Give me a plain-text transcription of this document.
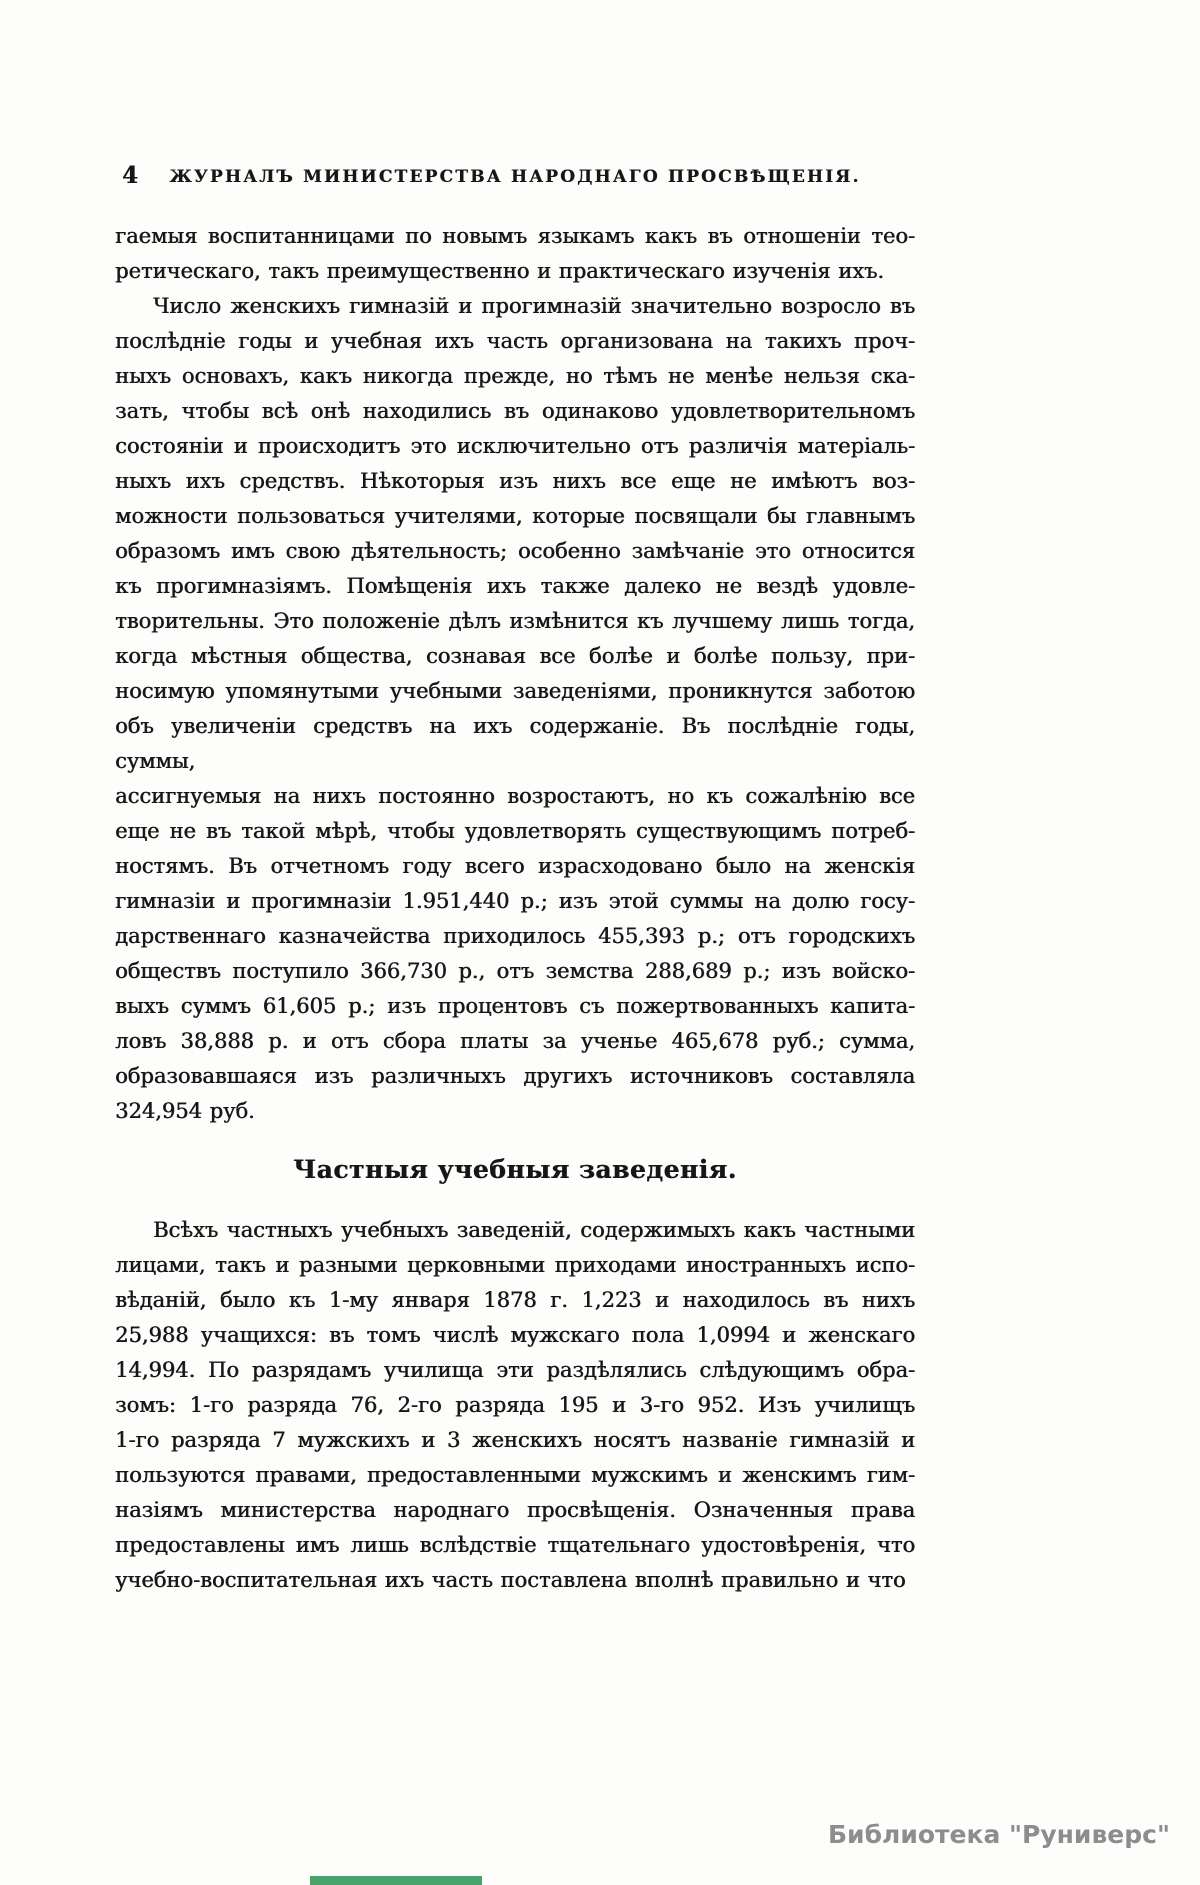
4	ЖУРНАЛЪ МИНИСТЕРСТВА НАРОДНАГО ПРОСВѢЩЕНІЯ.
гаемыя воспитанницами по новымъ языкамъ какъ въ отношеніи тео-
ретическаго, такъ преимущественно и практическаго изученія ихъ.
Число женскихъ гимназій и прогимназій значительно возросло въ
послѣдніе годы и учебная ихъ часть организована на такихъ проч-
ныхъ основахъ, какъ никогда прежде, но тѣмъ не менѣе нельзя ска-
зать, чтобы всѣ онѣ находились въ одинаково удовлетворительномъ
состояніи и происходитъ это исключительно отъ различія матеріаль-
ныхъ ихъ средствъ. Нѣкоторыя изъ нихъ все еще не имѣютъ воз-
можности пользоваться учителями, которые посвящали бы главнымъ
образомъ имъ свою дѣятельность; особенно замѣчаніе это относится
къ прогимназіямъ. Помѣщенія ихъ также далеко не вездѣ удовле-
творительны. Это положеніе дѣлъ измѣнится къ лучшему лишь тогда,
когда мѣстныя общества, сознавая все болѣе и болѣе пользу, при-
носимую упомянутыми учебными заведеніями, проникнутся заботою
объ увеличеніи средствъ на ихъ содержаніе. Въ послѣдніе годы, суммы,
ассигнуемыя на нихъ постоянно возростаютъ, но къ сожалѣнію все
еще не въ такой мѣрѣ, чтобы удовлетворять существующимъ потреб-
ностямъ. Въ отчетномъ году всего израсходовано было на женскія
гимназіи и прогимназіи 1.951,440 р.; изъ этой суммы на долю госу-
дарственнаго казначейства приходилось 455,393 р.; отъ городскихъ
обществъ поступило 366,730 р., отъ земства 288,689 р.; изъ войско-
выхъ суммъ 61,605 р.; изъ процентовъ съ пожертвованныхъ капита-
ловъ 38,888 р. и отъ сбора платы за ученье 465,678 руб.; сумма,
образовавшаяся изъ различныхъ другихъ источниковъ составляла
324,954 руб.
Частныя учебныя заведенія.
Всѣхъ частныхъ учебныхъ заведеній, содержимыхъ какъ частными
лицами, такъ и разными церковными приходами иностранныхъ испо-
вѣданій, было къ 1-му января 1878 г. 1,223 и находилось въ нихъ
25,988 учащихся: въ томъ числѣ мужскаго пола 1,0994 и женскаго
14,994. По разрядамъ училища эти раздѣлялись слѣдующимъ обра-
зомъ: 1-го разряда 76, 2-го разряда 195 и 3-го 952. Изъ училищъ
1-го разряда 7 мужскихъ и 3 женскихъ носятъ названіе гимназій и
пользуются правами, предоставленными мужскимъ и женскимъ гим-
назіямъ министерства народнаго просвѣщенія. Означенныя права
предоставлены имъ лишь вслѣдствіе тщательнаго удостовѣренія, что
учебно-воспитательная ихъ часть поставлена вполнѣ правильно и что
Библиотека "Руниверс"
